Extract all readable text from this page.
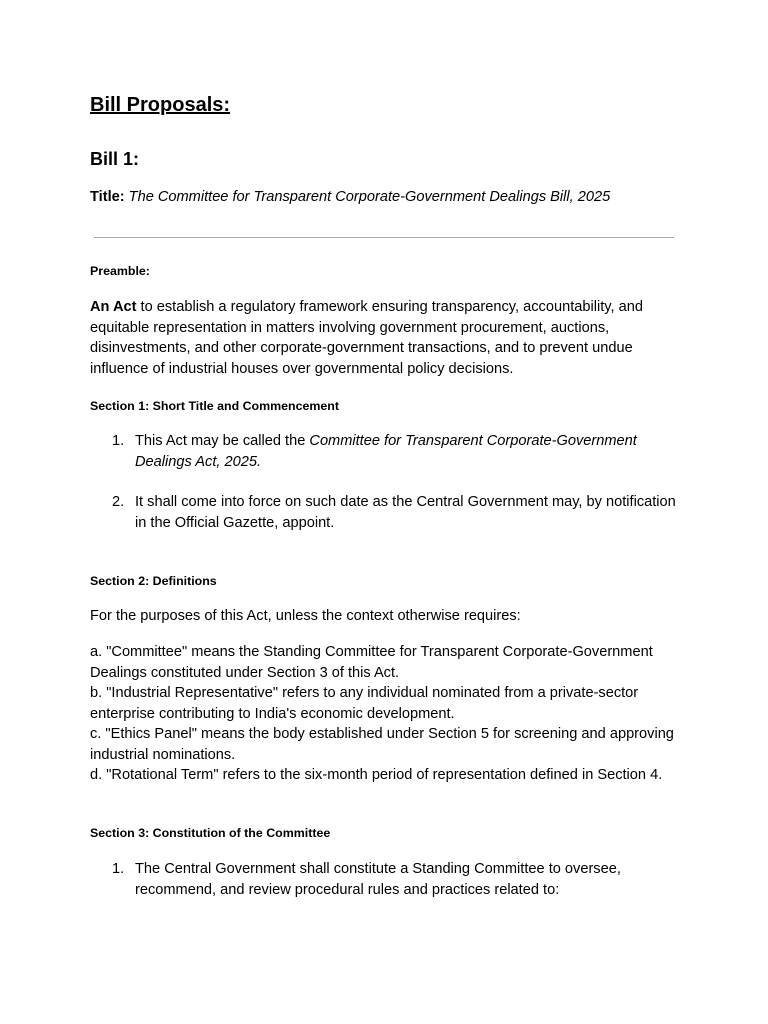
Bill Proposals:
Bill 1:

Title: The Committee for Transparent Corporate-Government Dealings Bill, 2025

Preamble:

An Act to establish a regulatory framework ensuring transparency, accountability, and equitable representation in matters involving government procurement, auctions, disinvestments, and other corporate-government transactions, and to prevent undue influence of industrial houses over governmental policy decisions.

Section 1: Short Title and Commencement

1. This Act may be called the Committee for Transparent Corporate-Government Dealings Act, 2025.
2. It shall come into force on such date as the Central Government may, by notification in the Official Gazette, appoint.

Section 2: Definitions

For the purposes of this Act, unless the context otherwise requires:

a. "Committee" means the Standing Committee for Transparent Corporate-Government Dealings constituted under Section 3 of this Act.
b. "Industrial Representative" refers to any individual nominated from a private-sector enterprise contributing to India's economic development.
c. "Ethics Panel" means the body established under Section 5 for screening and approving industrial nominations.
d. "Rotational Term" refers to the six-month period of representation defined in Section 4.

Section 3: Constitution of the Committee

1. The Central Government shall constitute a Standing Committee to oversee, recommend, and review procedural rules and practices related to:
